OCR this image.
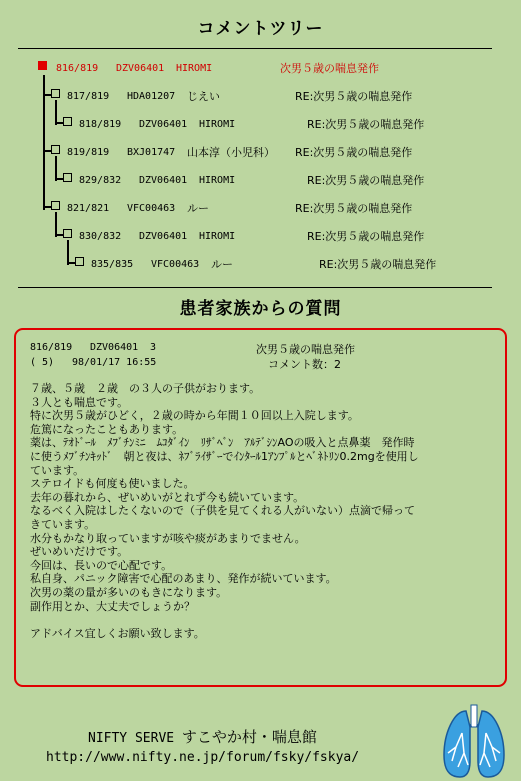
コメントツリー
816/819 DZV06401 HIROMI	次男５歳の喘息発作
817/819 HDA01207 じえい	RE:次男５歳の喘息発作
818/819 DZV06401 HIROMI	RE:次男５歳の喘息発作
819/819 BXJ01747 山本淳（小児科） RE:次男５歳の喘息発作
829/832 DZV06401 HIROMI	RE:次男５歳の喘息発作
821/821 VFC00463 ルー	RE:次男５歳の喘息発作
830/832 DZV06401 HIROMI	RE:次男５歳の喘息発作
835/835 VFC00463 ルー	RE:次男５歳の喘息発作
患者家族からの質問
816/819 DZV06401 3	次男５歳の喘息発作
( 5) 98/01/17 16:55	コメント数：2
７歳、５歳　２歳　の３人の子供がおります。
３人とも喘息です。
特に次男５歳がひどく，２歳の時から年間１０回以上入院します。
危篤になったこともあります。
薬は、ﾃｵﾄﾞｰﾙ　ﾒﾌﾞﾁﾝﾐﾆ　ﾑｺﾀﾞｲﾝ　ﾘｻﾞﾍﾞﾝ　ｱﾙﾃﾞｼﾝAOの吸入と点鼻薬　発作時
に使うﾒﾌﾞﾁﾝｷｯﾄﾞ　朝と夜は、ﾈﾌﾞﾗｲｻﾞｰでｲﾝﾀｰﾙ1ｱﾝﾌﾟﾙとﾍﾞﾈﾄﾘﾝ0.2mgを使用し
ています。
ステロイドも何度も使いました。
去年の暮れから、ぜいめいがとれず今も続いています。
なるべく入院はしたくないので（子供を見てくれる人がいない）点滴で帰って
きています。
水分もかなり取っていますが咳や痰があまりでません。
ぜいめいだけです。
今回は、長いので心配です。
私自身、パニック障害で心配のあまり、発作が続いています。
次男の薬の量が多いのもきになります。
副作用とか、大丈夫でしょうか？
アドバイス宜しくお願い致します。
NIFTY SERVE すこやか村・喘息館
http://www.nifty.ne.jp/forum/fsky/fskya/
